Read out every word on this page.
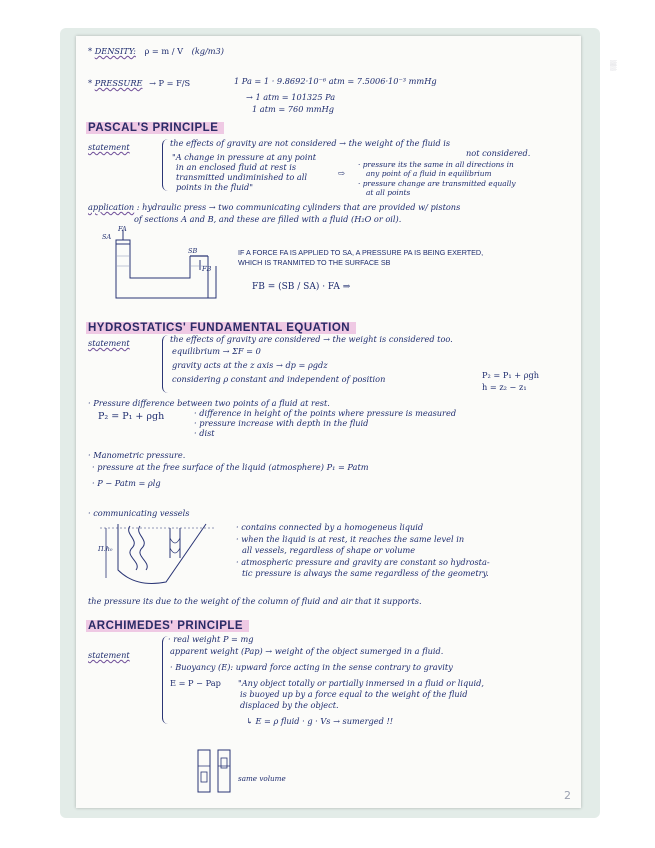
▒
* DENSITY: ρ = m / V (kg/m3)
* PRESSURE → P = F/S	1 Pa = 1 · 9.8692·10⁻⁶ atm = 7.5006·10⁻³ mmHg
→ 1 atm = 101325 Pa
1 atm = 760 mmHg
PASCAL'S PRINCIPLE
statement	the effects of gravity are not considered → the weight of the fluid is
not considered.
"A change in pressure at any point
in an enclosed fluid at rest is
transmitted undiminished to all
points in the fluid"
⇨
· pressure its the same in all directions in
any point of a fluid in equilibrium
· pressure change are transmitted equally
at all points
application : hydraulic press → two communicating cylinders that are provided w/ pistons
of sections A and B, and these are filled with a fluid (H₂O or oil).
SA
FA
SB
FB
IF A FORCE FA IS APPLIED TO SA, A PRESSURE PA IS BEING EXERTED,
WHICH IS TRANMITED TO THE SURFACE SB
FB = (SB / SA) · FA ⇒
HYDROSTATICS' FUNDAMENTAL EQUATION
statement	the effects of gravity are considered → the weight is considered too.
equilibrium → ΣF = 0
gravity acts at the z axis → dp = ρgdz
considering ρ constant and independent of position	P₂ = P₁ + ρgh
h = z₂ − z₁
· Pressure difference between two points of a fluid at rest.
P₂ = P₁ + ρgh	· difference in height of the points where pressure is measured
· pressure increase with depth in the fluid
· dist
· Manometric pressure.
· pressure at the free surface of the liquid (atmosphere) P₁ = Patm
· P − Patm = ρlg
· communicating vessels
Π.h₀
· contains connected by a homogeneus liquid
· when the liquid is at rest, it reaches the same level in
all vessels, regardless of shape or volume
· atmospheric pressure and gravity are constant so hydrosta-
tic pressure is always the same regardless of the geometry.
the pressure its due to the weight of the column of fluid and air that it supports.
ARCHIMEDES' PRINCIPLE
· real weight P = mg
statement	apparent weight (Pap) → weight of the object sumerged in a fluid.
· Buoyancy (E): upward force acting in the sense contrary to gravity
E = P − Pap "Any object totally or partially inmersed in a fluid or liquid,
is buoyed up by a force equal to the weight of the fluid
displaced by the object.
↳ E = ρ fluid · g · Vs → sumerged !!
same volume
2
